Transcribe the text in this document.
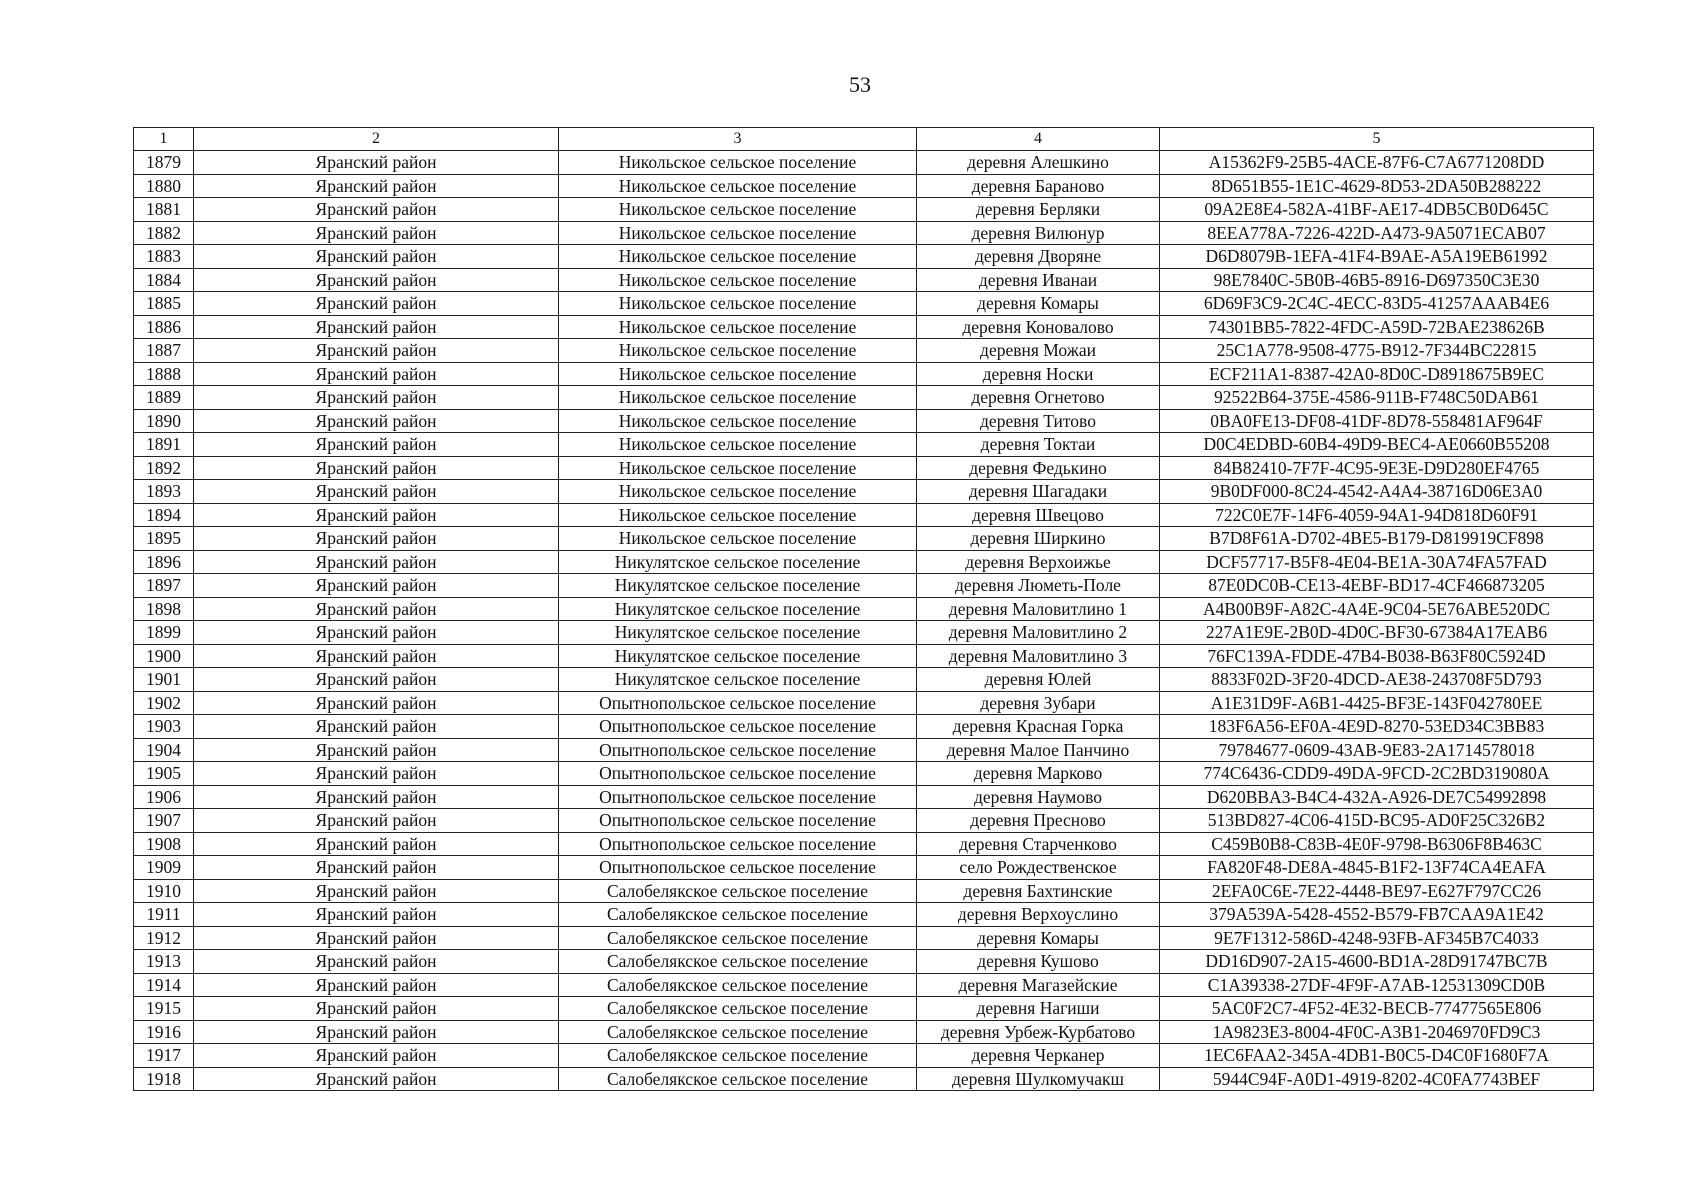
53
1	2	3	4	5
1879	Яранский район	Никольское сельское поселение	деревня Алешкино	A15362F9-25B5-4ACE-87F6-C7A6771208DD
1880	Яранский район	Никольское сельское поселение	деревня Бараново	8D651B55-1E1C-4629-8D53-2DA50B288222
1881	Яранский район	Никольское сельское поселение	деревня Берляки	09A2E8E4-582A-41BF-AE17-4DB5CB0D645C
1882	Яранский район	Никольское сельское поселение	деревня Вилюнур	8EEA778A-7226-422D-A473-9A5071ECAB07
1883	Яранский район	Никольское сельское поселение	деревня Дворяне	D6D8079B-1EFA-41F4-B9AE-A5A19EB61992
1884	Яранский район	Никольское сельское поселение	деревня Иванаи	98E7840C-5B0B-46B5-8916-D697350C3E30
1885	Яранский район	Никольское сельское поселение	деревня Комары	6D69F3C9-2C4C-4ECC-83D5-41257AAAB4E6
1886	Яранский район	Никольское сельское поселение	деревня Коновалово	74301BB5-7822-4FDC-A59D-72BAE238626B
1887	Яранский район	Никольское сельское поселение	деревня Можаи	25C1A778-9508-4775-B912-7F344BC22815
1888	Яранский район	Никольское сельское поселение	деревня Носки	ECF211A1-8387-42A0-8D0C-D8918675B9EC
1889	Яранский район	Никольское сельское поселение	деревня Огнетово	92522B64-375E-4586-911B-F748C50DAB61
1890	Яранский район	Никольское сельское поселение	деревня Титово	0BA0FE13-DF08-41DF-8D78-558481AF964F
1891	Яранский район	Никольское сельское поселение	деревня Токтаи	D0C4EDBD-60B4-49D9-BEC4-AE0660B55208
1892	Яранский район	Никольское сельское поселение	деревня Федькино	84B82410-7F7F-4C95-9E3E-D9D280EF4765
1893	Яранский район	Никольское сельское поселение	деревня Шагадаки	9B0DF000-8C24-4542-A4A4-38716D06E3A0
1894	Яранский район	Никольское сельское поселение	деревня Швецово	722C0E7F-14F6-4059-94A1-94D818D60F91
1895	Яранский район	Никольское сельское поселение	деревня Ширкино	B7D8F61A-D702-4BE5-B179-D819919CF898
1896	Яранский район	Никулятское сельское поселение	деревня Верхоижье	DCF57717-B5F8-4E04-BE1A-30A74FA57FAD
1897	Яранский район	Никулятское сельское поселение	деревня Люметь-Поле	87E0DC0B-CE13-4EBF-BD17-4CF466873205
1898	Яранский район	Никулятское сельское поселение	деревня Маловитлино 1	A4B00B9F-A82C-4A4E-9C04-5E76ABE520DC
1899	Яранский район	Никулятское сельское поселение	деревня Маловитлино 2	227A1E9E-2B0D-4D0C-BF30-67384A17EAB6
1900	Яранский район	Никулятское сельское поселение	деревня Маловитлино 3	76FC139A-FDDE-47B4-B038-B63F80C5924D
1901	Яранский район	Никулятское сельское поселение	деревня Юлей	8833F02D-3F20-4DCD-AE38-243708F5D793
1902	Яранский район	Опытнопольское сельское поселение	деревня Зубари	A1E31D9F-A6B1-4425-BF3E-143F042780EE
1903	Яранский район	Опытнопольское сельское поселение	деревня Красная Горка	183F6A56-EF0A-4E9D-8270-53ED34C3BB83
1904	Яранский район	Опытнопольское сельское поселение	деревня Малое Панчино	79784677-0609-43AB-9E83-2A1714578018
1905	Яранский район	Опытнопольское сельское поселение	деревня Марково	774C6436-CDD9-49DA-9FCD-2C2BD319080A
1906	Яранский район	Опытнопольское сельское поселение	деревня Наумово	D620BBA3-B4C4-432A-A926-DE7C54992898
1907	Яранский район	Опытнопольское сельское поселение	деревня Пресново	513BD827-4C06-415D-BC95-AD0F25C326B2
1908	Яранский район	Опытнопольское сельское поселение	деревня Старченково	C459B0B8-C83B-4E0F-9798-B6306F8B463C
1909	Яранский район	Опытнопольское сельское поселение	село Рождественское	FA820F48-DE8A-4845-B1F2-13F74CA4EAFA
1910	Яранский район	Салобелякское сельское поселение	деревня Бахтинские	2EFA0C6E-7E22-4448-BE97-E627F797CC26
1911	Яранский район	Салобелякское сельское поселение	деревня Верхоуслино	379A539A-5428-4552-B579-FB7CAA9A1E42
1912	Яранский район	Салобелякское сельское поселение	деревня Комары	9E7F1312-586D-4248-93FB-AF345B7C4033
1913	Яранский район	Салобелякское сельское поселение	деревня Кушово	DD16D907-2A15-4600-BD1A-28D91747BC7B
1914	Яранский район	Салобелякское сельское поселение	деревня Магазейские	C1A39338-27DF-4F9F-A7AB-12531309CD0B
1915	Яранский район	Салобелякское сельское поселение	деревня Нагиши	5AC0F2C7-4F52-4E32-BECB-77477565E806
1916	Яранский район	Салобелякское сельское поселение	деревня Урбеж-Курбатово	1A9823E3-8004-4F0C-A3B1-2046970FD9C3
1917	Яранский район	Салобелякское сельское поселение	деревня Черканер	1EC6FAA2-345A-4DB1-B0C5-D4C0F1680F7A
1918	Яранский район	Салобелякское сельское поселение	деревня Шулкомучакш	5944C94F-A0D1-4919-8202-4C0FA7743BEF
